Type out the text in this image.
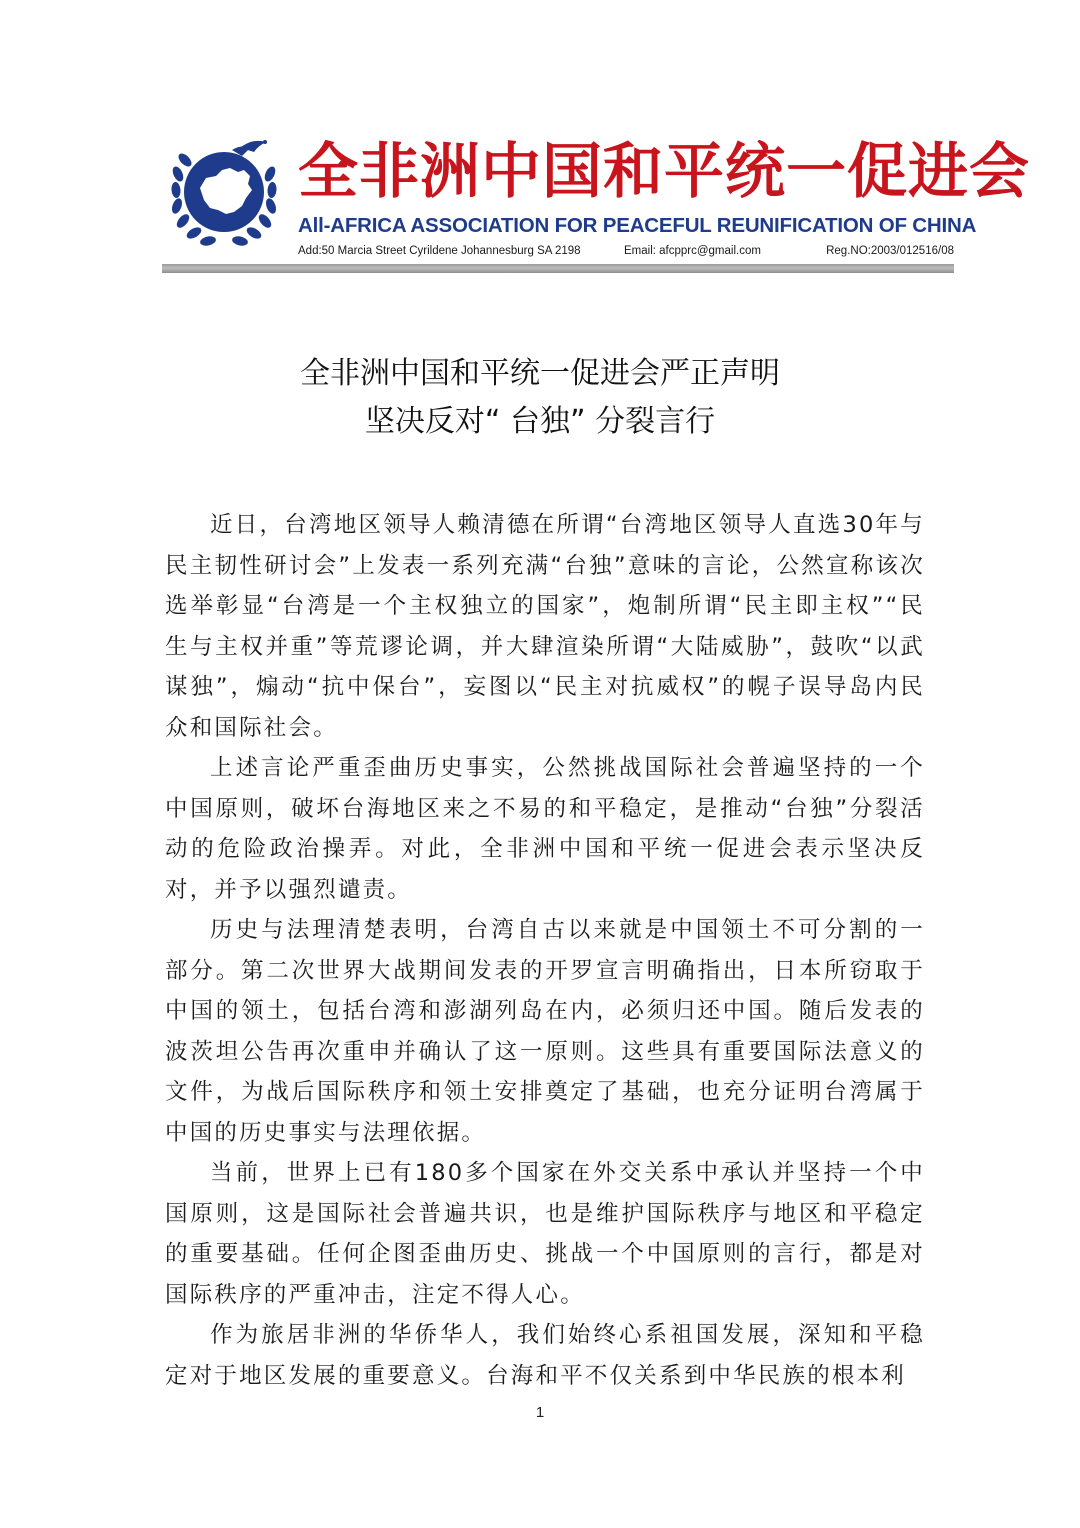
全非洲中国和平统一促进会
All-AFRICA ASSOCIATION FOR PEACEFUL REUNIFICATION OF CHINA
Add:50 Marcia Street Cyrildene Johannesburg SA 2198	Email: afcpprc@gmail.com	Reg.NO:2003/012516/08
全非洲中国和平统一促进会严正声明
坚决反对“ 台独” 分裂言行

近日，台湾地区领导人赖清德在所谓“台湾地区领导人直选30年与民主韧性研讨会”上发表一系列充满“台独”意味的言论，公然宣称该次选举彰显“台湾是一个主权独立的国家”，炮制所谓“民主即主权”“民生与主权并重”等荒谬论调，并大肆渲染所谓“大陆威胁”，鼓吹“以武谋独”，煽动“抗中保台”，妄图以“民主对抗威权”的幌子误导岛内民众和国际社会。

上述言论严重歪曲历史事实，公然挑战国际社会普遍坚持的一个中国原则，破坏台海地区来之不易的和平稳定，是推动“台独”分裂活动的危险政治操弄。对此，全非洲中国和平统一促进会表示坚决反对，并予以强烈谴责。

历史与法理清楚表明，台湾自古以来就是中国领土不可分割的一部分。第二次世界大战期间发表的开罗宣言明确指出，日本所窃取于中国的领土，包括台湾和澎湖列岛在内，必须归还中国。随后发表的波茨坦公告再次重申并确认了这一原则。这些具有重要国际法意义的文件，为战后国际秩序和领土安排奠定了基础，也充分证明台湾属于中国的历史事实与法理依据。

当前，世界上已有180多个国家在外交关系中承认并坚持一个中国原则，这是国际社会普遍共识，也是维护国际秩序与地区和平稳定的重要基础。任何企图歪曲历史、挑战一个中国原则的言行，都是对国际秩序的严重冲击，注定不得人心。

作为旅居非洲的华侨华人，我们始终心系祖国发展，深知和平稳定对于地区发展的重要意义。台海和平不仅关系到中华民族的根本利

1
